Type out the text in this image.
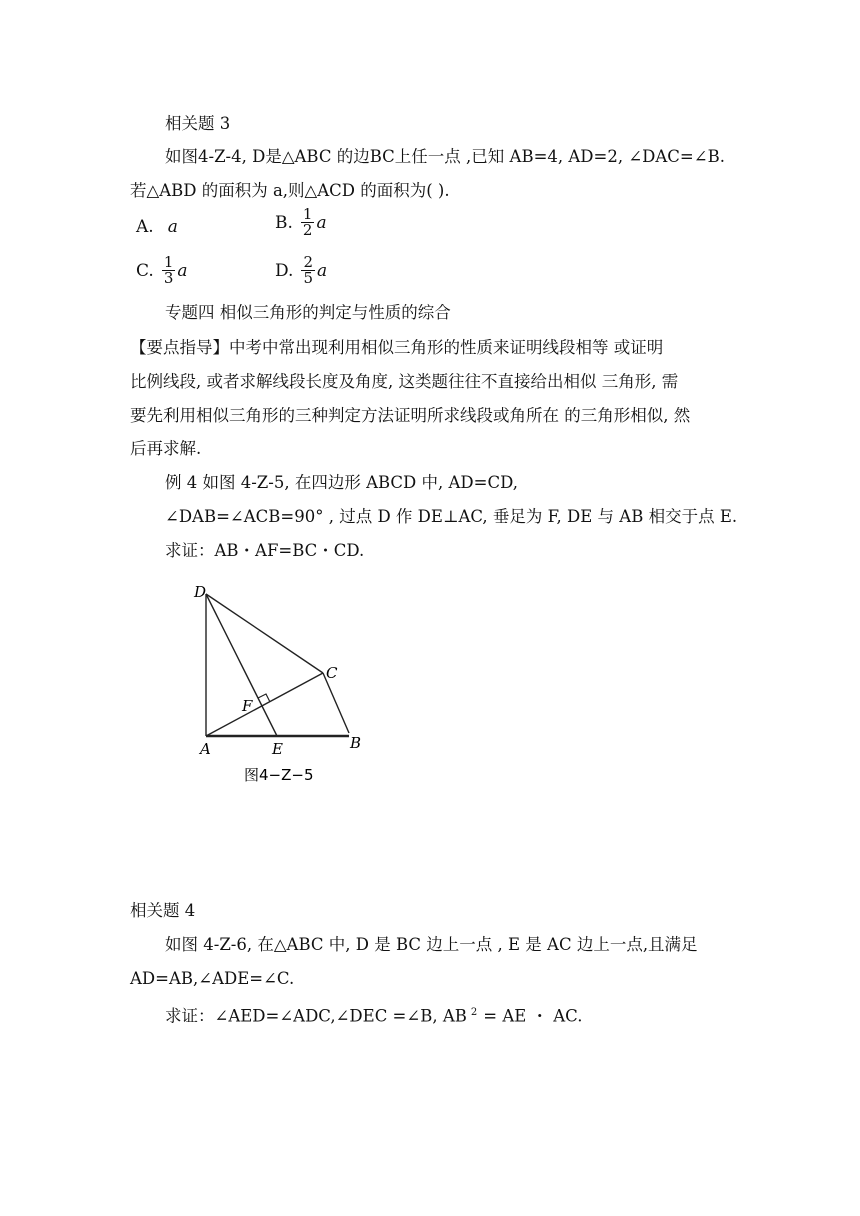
相关题 3
如图4-Z-4, D是△ABC 的边BC上任一点 ,已知 AB=4, AD=2, ∠DAC=∠B.
若△ABD 的面积为 a,则△ACD 的面积为( ).
A. a	B. $\frac{1}{2}$ a
C. $\frac{1}{3}$ a	D. $\frac{2}{5}$ a
专题四 相似三角形的判定与性质的综合
【要点指导】中考中常出现利用相似三角形的性质来证明线段相等 或证明
比例线段, 或者求解线段长度及角度, 这类题往往不直接给出相似 三角形, 需
要先利用相似三角形的三种判定方法证明所求线段或角所在 的三角形相似, 然
后再求解.
例 4 如图 4-Z-5, 在四边形 ABCD 中, AD=CD,
∠DAB=∠ACB=90° , 过点 D 作 DE⊥AC, 垂足为 F, DE 与 AB 相交于点 E.
求证：AB・AF=BC・CD.
D
C
F
A	E	B
图4−Z−5
相关题 4
如图 4-Z-6, 在△ABC 中, D 是 BC 边上一点 , E 是 AC 边上一点,且满足
AD=AB,∠ADE=∠C.
求证：∠AED=∠ADC,∠DEC =∠B, AB $^2$ = AE ・ AC.
